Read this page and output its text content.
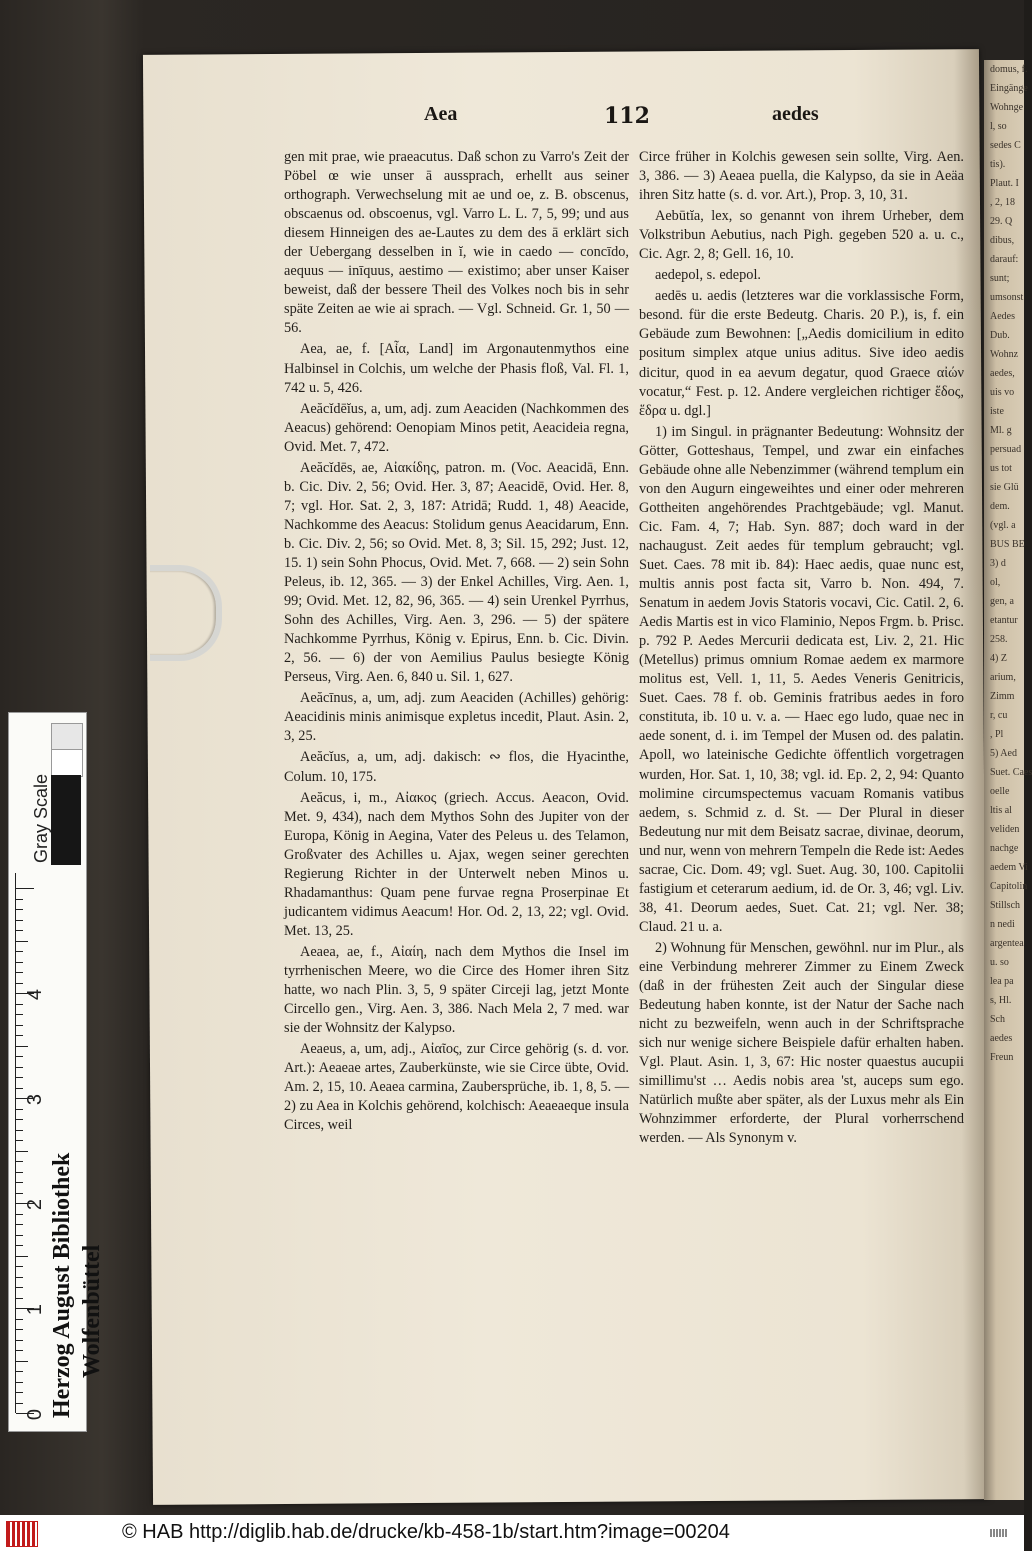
domus, f.
Eingänge
Wohnge
l, so
sedes C
tis).
Plaut. I
, 2, 18
29. Q
dibus,
darauf:
sunt;
umsonst
Aedes
Dub.
Wohnz
aedes,
uis vo
iste
Ml. g
persuad
us tot
sie Glü
dem.
(vgl. a
BUS BE
3) d
ol,
gen, a
etantur
258.
4) Z
arium,
Zimm
r, cu
, Pl
5) Aed
Suet. Caes
oelle
ltis al
veliden
nachge
aedem Vi
Capitolin
Stillsch
n nedi
argentea
u. so
lea pa
s, Hl.
Sch
aedes
Freun
Aea	112	aedes

gen mit prae, wie praeacutus. Daß schon zu Varro's Zeit der Pöbel œ wie unser ā aussprach, erhellt aus seiner orthograph. Verwechselung mit ae und oe, z. B. obscenus, obscaenus od. obscoenus, vgl. Varro L. L. 7, 5, 99; und aus diesem Hinneigen des ae-Lautes zu dem des ā erklärt sich der Uebergang desselben in ĭ, wie in caedo — concīdo, aequus — inīquus, aestimo — existimo; aber unser Kaiser beweist, daß der bessere Theil des Volkes noch bis in sehr späte Zeiten ae wie ai sprach. — Vgl. Schneid. Gr. 1, 50 — 56.

Aea, ae, f. [Αἶα, Land] im Argonautenmythos eine Halbinsel in Colchis, um welche der Phasis floß, Val. Fl. 1, 742 u. 5, 426.

Aeăcĭdēĭus, a, um, adj. zum Aeaciden (Nachkommen des Aeacus) gehörend: Oenopiam Minos petit, Aeacideia regna, Ovid. Met. 7, 472.

Aeăcĭdēs, ae, Αἰακίδης, patron. m. (Voc. Aeacidā, Enn. b. Cic. Div. 2, 56; Ovid. Her. 3, 87; Aeacidē, Ovid. Her. 8, 7; vgl. Hor. Sat. 2, 3, 187: Atridā; Rudd. 1, 48) Aeacide, Nachkomme des Aeacus: Stolidum genus Aeacidarum, Enn. b. Cic. Div. 2, 56; so Ovid. Met. 8, 3; Sil. 15, 292; Just. 12, 15. 1) sein Sohn Phocus, Ovid. Met. 7, 668. — 2) sein Sohn Peleus, ib. 12, 365. — 3) der Enkel Achilles, Virg. Aen. 1, 99; Ovid. Met. 12, 82, 96, 365. — 4) sein Urenkel Pyrrhus, Sohn des Achilles, Virg. Aen. 3, 296. — 5) der spätere Nachkomme Pyrrhus, König v. Epirus, Enn. b. Cic. Divin. 2, 56. — 6) der von Aemilius Paulus besiegte König Perseus, Virg. Aen. 6, 840 u. Sil. 1, 627.

Aeăcīnus, a, um, adj. zum Aeaciden (Achilles) gehörig: Aeacidinis minis animisque expletus incedit, Plaut. Asin. 2, 3, 25.

Aeăcĭus, a, um, adj. dakisch: ∾ flos, die Hyacinthe, Colum. 10, 175.

Aeăcus, i, m., Αἰακος (griech. Accus. Aeacon, Ovid. Met. 9, 434), nach dem Mythos Sohn des Jupiter von der Europa, König in Aegina, Vater des Peleus u. des Telamon, Großvater des Achilles u. Ajax, wegen seiner gerechten Regierung Richter in der Unterwelt neben Minos u. Rhadamanthus: Quam pene furvae regna Proserpinae Et judicantem vidimus Aeacum! Hor. Od. 2, 13, 22; vgl. Ovid. Met. 13, 25.

Aeaea, ae, f., Αἰαίη, nach dem Mythos die Insel im tyrrhenischen Meere, wo die Circe des Homer ihren Sitz hatte, wo nach Plin. 3, 5, 9 später Circeji lag, jetzt Monte Circello gen., Virg. Aen. 3, 386. Nach Mela 2, 7 med. war sie der Wohnsitz der Kalypso.

Aeaeus, a, um, adj., Αἰαῖος, zur Circe gehörig (s. d. vor. Art.): Aeaeae artes, Zauberkünste, wie sie Circe übte, Ovid. Am. 2, 15, 10. Aeaea carmina, Zaubersprüche, ib. 1, 8, 5. — 2) zu Aea in Kolchis gehörend, kolchisch: Aeaeaeque insula Circes, weil

Circe früher in Kolchis gewesen sein sollte, Virg. Aen. 3, 386. — 3) Aeaea puella, die Kalypso, da sie in Aeäa ihren Sitz hatte (s. d. vor. Art.), Prop. 3, 10, 31.

Aebūtĭa, lex, so genannt von ihrem Urheber, dem Volkstribun Aebutius, nach Pigh. gegeben 520 a. u. c., Cic. Agr. 2, 8; Gell. 16, 10.

aedepol, s. edepol.

aedēs u. aedis (letzteres war die vorklassische Form, besond. für die erste Bedeutg. Charis. 20 P.), is, f. ein Gebäude zum Bewohnen: [„Aedis domicilium in edito positum simplex atque unius aditus. Sive ideo aedis dicitur, quod in ea aevum degatur, quod Graece αἰών vocatur,“ Fest. p. 12. Andere vergleichen richtiger ἕδος, ἕδρα u. dgl.]

1) im Singul. in prägnanter Bedeutung: Wohnsitz der Götter, Gotteshaus, Tempel, und zwar ein einfaches Gebäude ohne alle Nebenzimmer (während templum ein von den Augurn eingeweihtes und einer oder mehreren Gottheiten angehörendes Prachtgebäude; vgl. Manut. Cic. Fam. 4, 7; Hab. Syn. 887; doch ward in der nachaugust. Zeit aedes für templum gebraucht; vgl. Suet. Caes. 78 mit ib. 84): Haec aedis, quae nunc est, multis annis post facta sit, Varro b. Non. 494, 7. Senatum in aedem Jovis Statoris vocavi, Cic. Catil. 2, 6. Aedis Martis est in vico Flaminio, Nepos Frgm. b. Prisc. p. 792 P. Aedes Mercurii dedicata est, Liv. 2, 21. Hic (Metellus) primus omnium Romae aedem ex marmore molitus est, Vell. 1, 11, 5. Aedes Veneris Genitricis, Suet. Caes. 78 f. ob. Geminis fratribus aedes in foro constituta, ib. 10 u. v. a. — Haec ego ludo, quae nec in aede sonent, d. i. im Tempel der Musen od. des palatin. Apoll, wo lateinische Gedichte öffentlich vorgetragen wurden, Hor. Sat. 1, 10, 38; vgl. id. Ep. 2, 2, 94: Quanto molimine circumspectemus vacuam Romanis vatibus aedem, s. Schmid z. d. St. — Der Plural in dieser Bedeutung nur mit dem Beisatz sacrae, divinae, deorum, und nur, wenn von mehrern Tempeln die Rede ist: Aedes sacrae, Cic. Dom. 49; vgl. Suet. Aug. 30, 100. Capitolii fastigium et ceterarum aedium, id. de Or. 3, 46; vgl. Liv. 38, 41. Deorum aedes, Suet. Cat. 21; vgl. Ner. 38; Claud. 21 u. a.

2) Wohnung für Menschen, gewöhnl. nur im Plur., als eine Verbindung mehrerer Zimmer zu Einem Zweck (daß in der frühesten Zeit auch der Singular diese Bedeutung haben konnte, ist der Natur der Sache nach nicht zu bezweifeln, wenn auch in der Schriftsprache sich nur wenige sichere Beispiele dafür erhalten haben. Vgl. Plaut. Asin. 1, 3, 67: Hic noster quaestus aucupii simillimu'st … Aedis nobis area 'st, auceps sum ego. Natürlich mußte aber später, als der Luxus mehr als Ein Wohnzimmer erforderte, der Plural vorherrschend werden. — Als Synonym v.

Gray Scale
0
1
2
3
4
Herzog August Bibliothek Wolfenbüttel
© HAB http://diglib.hab.de/drucke/kb-458-1b/start.htm?image=00204
